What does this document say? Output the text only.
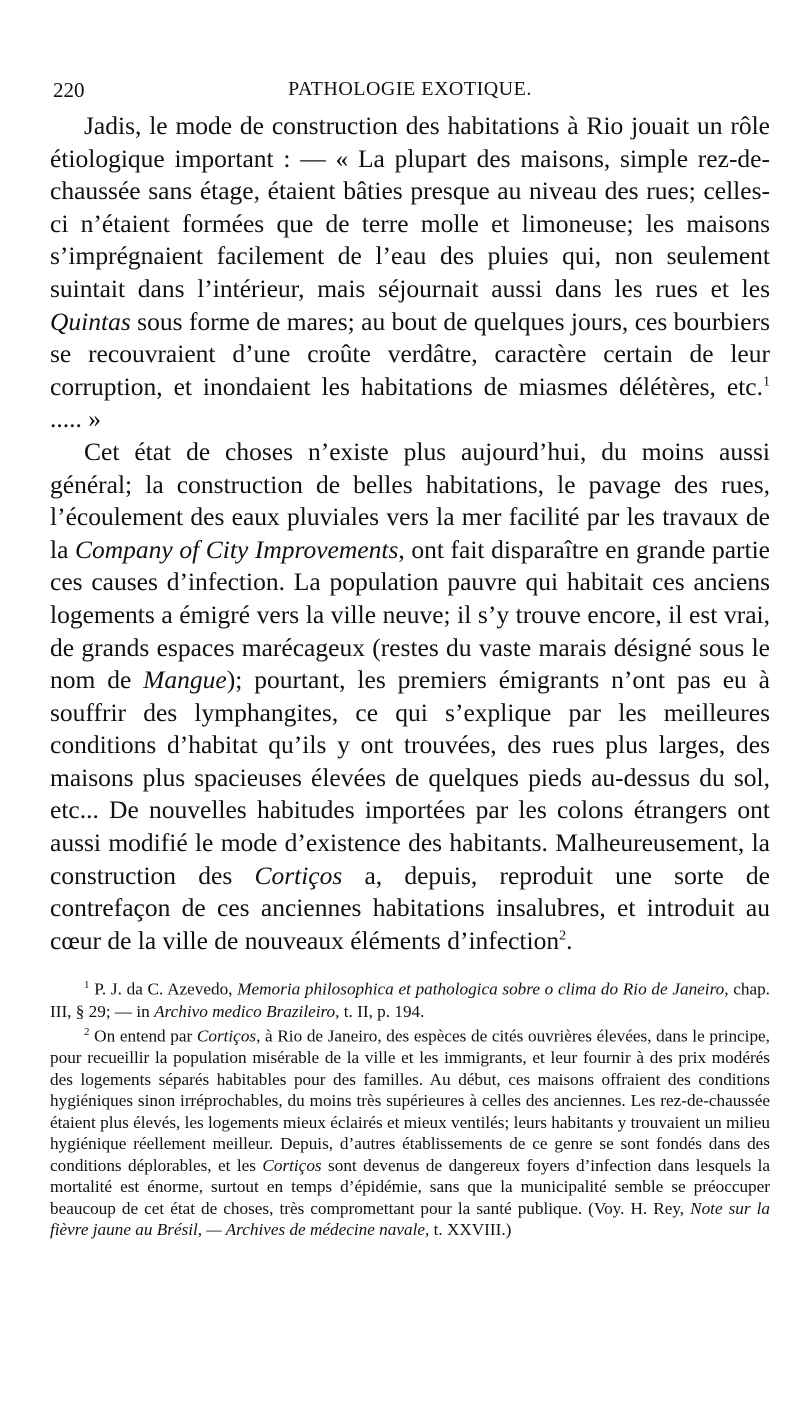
220	PATHOLOGIE EXOTIQUE.

Jadis, le mode de construction des habitations à Rio jouait un rôle étiologique important : — « La plupart des maisons, simple rez-de-chaussée sans étage, étaient bâties presque au niveau des rues; celles-ci n’étaient formées que de terre molle et limoneuse; les maisons s’imprégnaient facilement de l’eau des pluies qui, non seulement suintait dans l’intérieur, mais séjournait aussi dans les rues et les Quintas sous forme de mares; au bout de quelques jours, ces bourbiers se recouvraient d’une croûte verdâtre, caractère certain de leur corruption, et inondaient les habitations de miasmes délétères, etc.$^1$ ..... »

Cet état de choses n’existe plus aujourd’hui, du moins aussi général; la construction de belles habitations, le pavage des rues, l’écoulement des eaux pluviales vers la mer facilité par les travaux de la Company of City Improvements, ont fait disparaître en grande partie ces causes d’infection. La population pauvre qui habitait ces anciens logements a émigré vers la ville neuve; il s’y trouve encore, il est vrai, de grands espaces marécageux (restes du vaste marais désigné sous le nom de Mangue); pourtant, les premiers émigrants n’ont pas eu à souffrir des lymphangites, ce qui s’explique par les meilleures conditions d’habitat qu’ils y ont trouvées, des rues plus larges, des maisons plus spacieuses élevées de quelques pieds au-dessus du sol, etc... De nouvelles habitudes importées par les colons étrangers ont aussi modifié le mode d’existence des habitants. Malheureusement, la construction des Cortiços a, depuis, reproduit une sorte de contrefaçon de ces anciennes habitations insalubres, et introduit au cœur de la ville de nouveaux éléments d’infection$^2$.

$^1$ P. J. da C. Azevedo, Memoria philosophica et pathologica sobre o clima do Rio de Janeiro, chap. III, § 29; — in Archivo medico Brazileiro, t. II, p. 194.

$^2$ On entend par Cortiços, à Rio de Janeiro, des espèces de cités ouvrières élevées, dans le principe, pour recueillir la population misérable de la ville et les immigrants, et leur fournir à des prix modérés des logements séparés habitables pour des familles. Au début, ces maisons offraient des conditions hygiéniques sinon irréprochables, du moins très supérieures à celles des anciennes. Les rez-de-chaussée étaient plus élevés, les logements mieux éclairés et mieux ventilés; leurs habitants y trouvaient un milieu hygiénique réellement meilleur. Depuis, d’autres établissements de ce genre se sont fondés dans des conditions déplorables, et les Cortiços sont devenus de dangereux foyers d’infection dans lesquels la mortalité est énorme, surtout en temps d’épidémie, sans que la municipalité semble se préoccuper beaucoup de cet état de choses, très compromettant pour la santé publique. (Voy. H. Rey, Note sur la fièvre jaune au Brésil, — Archives de médecine navale, t. XXVIII.)
